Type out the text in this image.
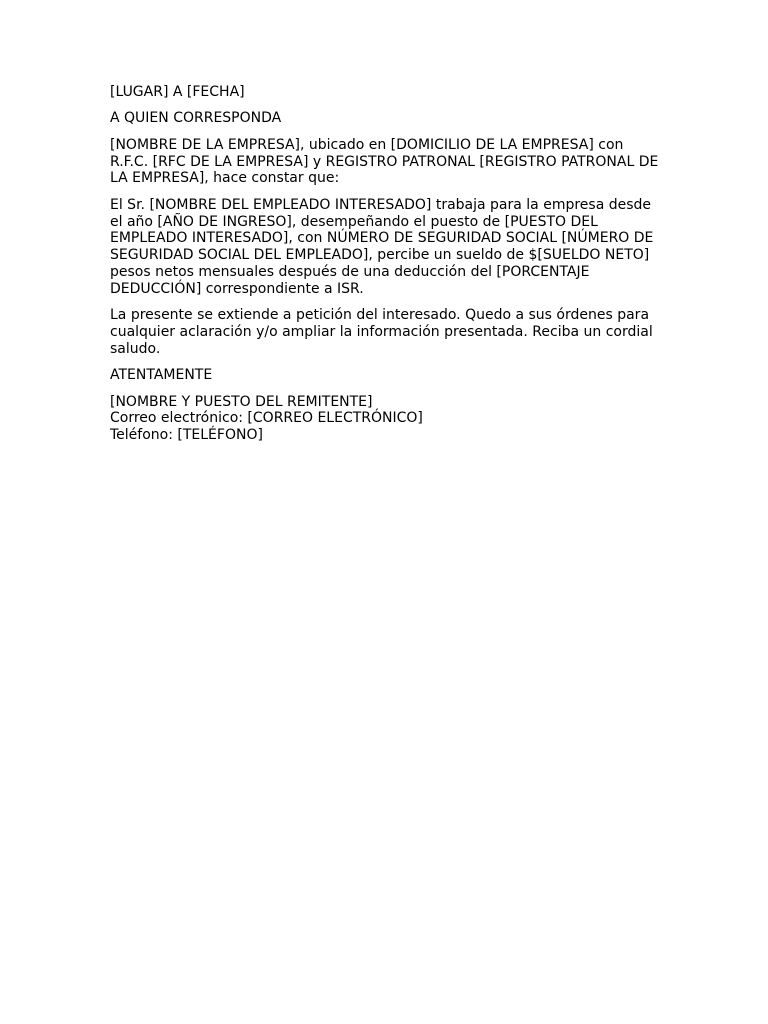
[LUGAR] A [FECHA]

A QUIEN CORRESPONDA

[NOMBRE DE LA EMPRESA], ubicado en [DOMICILIO DE LA EMPRESA] con R.F.C. [RFC DE LA EMPRESA] y REGISTRO PATRONAL [REGISTRO PATRONAL DE LA EMPRESA], hace constar que:

El Sr. [NOMBRE DEL EMPLEADO INTERESADO] trabaja para la empresa desde el año [AÑO DE INGRESO], desempeñando el puesto de [PUESTO DEL EMPLEADO INTERESADO], con NÚMERO DE SEGURIDAD SOCIAL [NÚMERO DE SEGURIDAD SOCIAL DEL EMPLEADO], percibe un sueldo de $[SUELDO NETO] pesos netos mensuales después de una deducción del [PORCENTAJE DEDUCCIÓN] correspondiente a ISR.

La presente se extiende a petición del interesado. Quedo a sus órdenes para cualquier aclaración y/o ampliar la información presentada. Reciba un cordial saludo.

ATENTAMENTE

[NOMBRE Y PUESTO DEL REMITENTE]
Correo electrónico: [CORREO ELECTRÓNICO]
Teléfono: [TELÉFONO]
